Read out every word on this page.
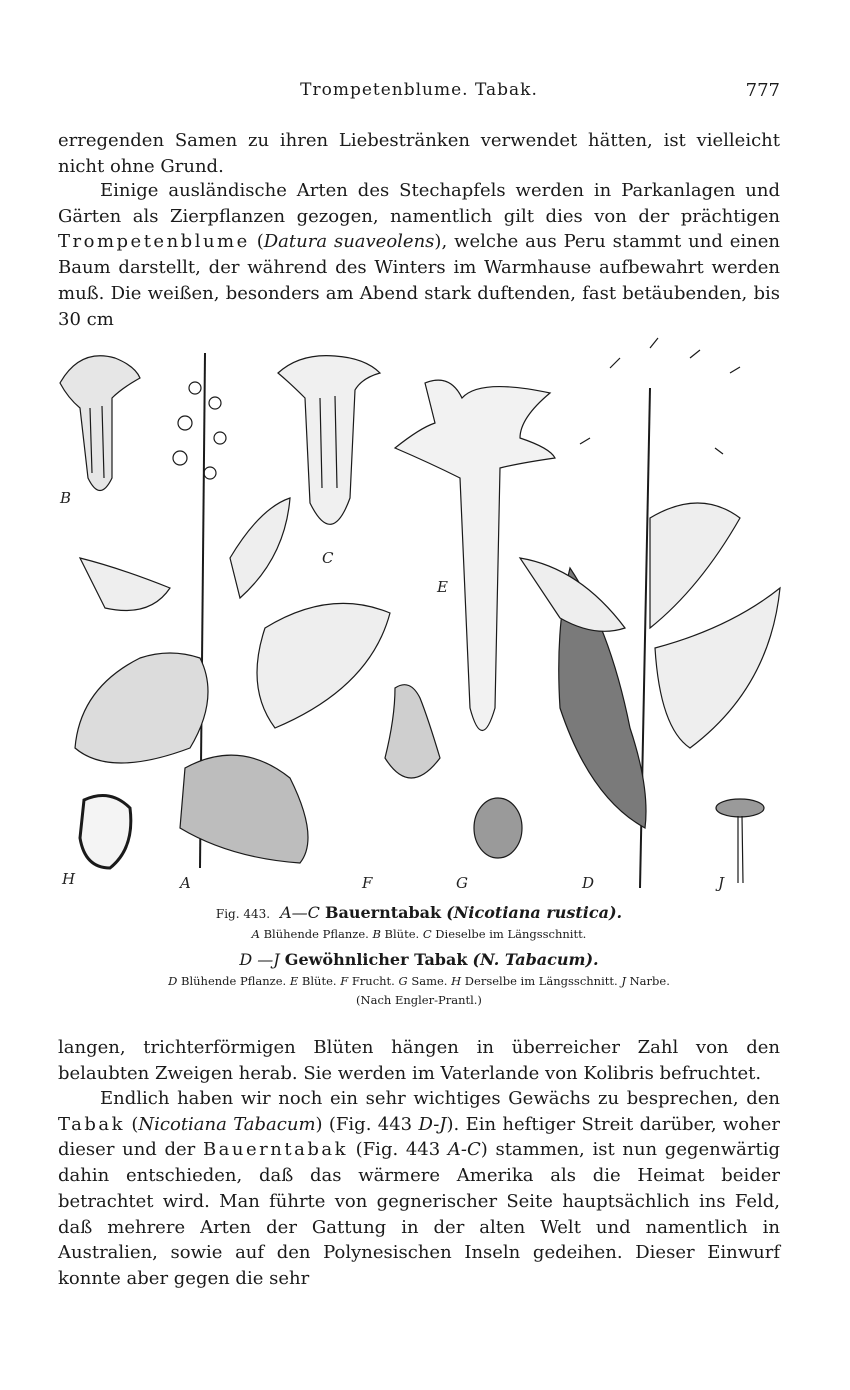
Trompetenblume. Tabak.	777

erregenden Samen zu ihren Liebestränken verwendet hätten, ist vielleicht nicht ohne Grund.

Einige ausländische Arten des Stechapfels werden in Parkanlagen und Gärten als Zierpflanzen gezogen, namentlich gilt dies von der prächtigen Trompetenblume (Datura suaveolens), welche aus Peru stammt und einen Baum darstellt, der während des Winters im Warmhause aufbewahrt werden muß. Die weißen, besonders am Abend stark duftenden, fast betäubenden, bis 30 cm

B
C
E
H	A	F	G	D	J

Fig. 443. A—C Bauerntabak (Nicotiana rustica).

A Blühende Pflanze. B Blüte. C Dieselbe im Längsschnitt.

D —J Gewöhnlicher Tabak (N. Tabacum).

D Blühende Pflanze. E Blüte. F Frucht. G Same. H Derselbe im Längsschnitt. J Narbe.

(Nach Engler-Prantl.)

langen, trichterförmigen Blüten hängen in überreicher Zahl von den belaubten Zweigen herab. Sie werden im Vaterlande von Kolibris befruchtet.

Endlich haben wir noch ein sehr wichtiges Gewächs zu besprechen, den Tabak (Nicotiana Tabacum) (Fig. 443 D-J). Ein heftiger Streit darüber, woher dieser und der Bauerntabak (Fig. 443 A-C) stammen, ist nun gegenwärtig dahin entschieden, daß das wärmere Amerika als die Heimat beider betrachtet wird. Man führte von gegnerischer Seite hauptsächlich ins Feld, daß mehrere Arten der Gattung in der alten Welt und namentlich in Australien, sowie auf den Polynesischen Inseln gedeihen. Dieser Einwurf konnte aber gegen die sehr
